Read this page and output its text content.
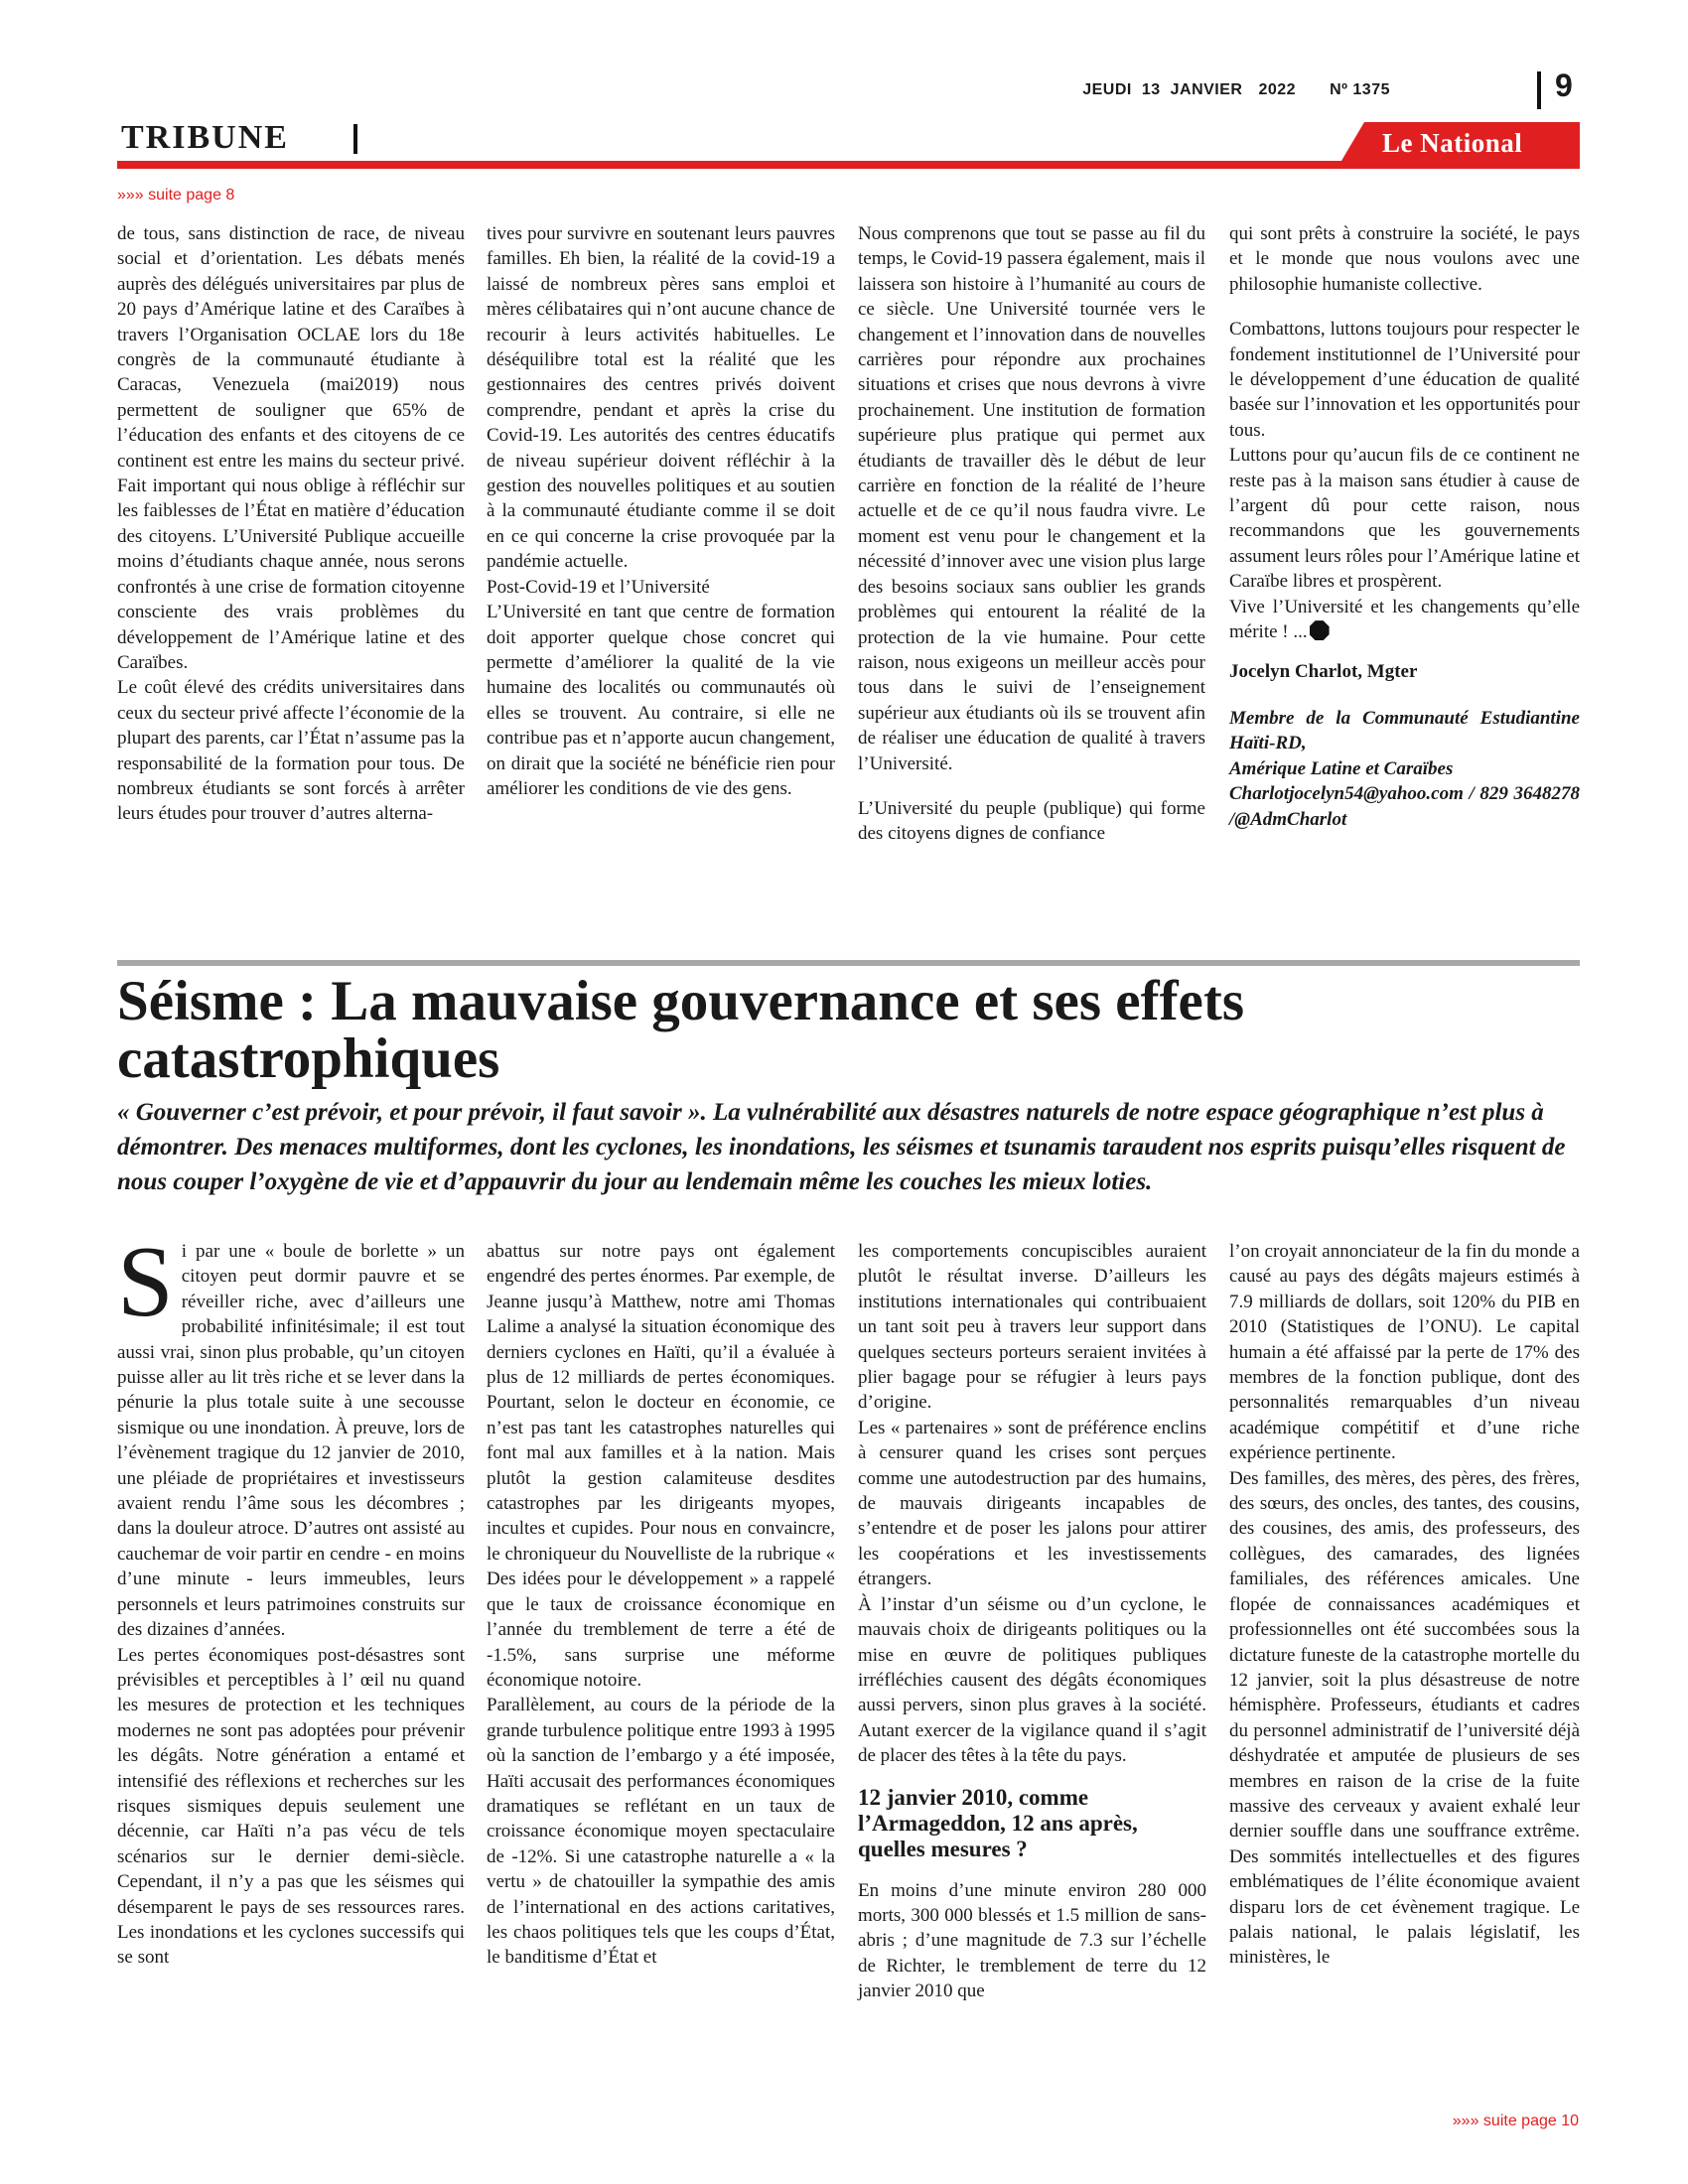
JEUDI 13 JANVIER 2022 Nº 1375	9
TRIBUNE	Le National
»»» suite page 8

de tous, sans distinction de race, de niveau social et d’orientation. Les débats menés auprès des délégués universitaires par plus de 20 pays d’Amérique latine et des Caraïbes à travers l’Organisation OCLAE lors du 18e congrès de la communauté étudiante à Caracas, Venezuela (mai2019) nous permettent de souligner que 65% de l’éducation des enfants et des citoyens de ce continent est entre les mains du secteur privé. Fait important qui nous oblige à réfléchir sur les faiblesses de l’État en matière d’éducation des citoyens. L’Université Publique accueille moins d’étudiants chaque année, nous serons confrontés à une crise de formation citoyenne consciente des vrais problèmes du développement de l’Amérique latine et des Caraïbes.

Le coût élevé des crédits universitaires dans ceux du secteur privé affecte l’économie de la plupart des parents, car l’État n’assume pas la responsabilité de la formation pour tous. De nombreux étudiants se sont forcés à arrêter leurs études pour trouver d’autres alterna-

tives pour survivre en soutenant leurs pauvres familles. Eh bien, la réalité de la covid-19 a laissé de nombreux pères sans emploi et mères célibataires qui n’ont aucune chance de recourir à leurs activités habituelles. Le déséquilibre total est la réalité que les gestionnaires des centres privés doivent comprendre, pendant et après la crise du Covid-19. Les autorités des centres éducatifs de niveau supérieur doivent réfléchir à la gestion des nouvelles politiques et au soutien à la communauté étudiante comme il se doit en ce qui concerne la crise provoquée par la pandémie actuelle.

Post-Covid-19 et l’Université

L’Université en tant que centre de formation doit apporter quelque chose concret qui permette d’améliorer la qualité de la vie humaine des localités ou communautés où elles se trouvent. Au contraire, si elle ne contribue pas et n’apporte aucun changement, on dirait que la société ne bénéficie rien pour améliorer les conditions de vie des gens.

Nous comprenons que tout se passe au fil du temps, le Covid-19 passera également, mais il laissera son histoire à l’humanité au cours de ce siècle. Une Université tournée vers le changement et l’innovation dans de nouvelles carrières pour répondre aux prochaines situations et crises que nous devrons à vivre prochainement. Une institution de formation supérieure plus pratique qui permet aux étudiants de travailler dès le début de leur carrière en fonction de la réalité de l’heure actuelle et de ce qu’il nous faudra vivre. Le moment est venu pour le changement et la nécessité d’innover avec une vision plus large des besoins sociaux sans oublier les grands problèmes qui entourent la réalité de la protection de la vie humaine. Pour cette raison, nous exigeons un meilleur accès pour tous dans le suivi de l’enseignement supérieur aux étudiants où ils se trouvent afin de réaliser une éducation de qualité à travers l’Université.

L’Université du peuple (publique) qui forme des citoyens dignes de confiance

qui sont prêts à construire la société, le pays et le monde que nous voulons avec une philosophie humaniste collective.

Combattons, luttons toujours pour respecter le fondement institutionnel de l’Université pour le développement d’une éducation de qualité basée sur l’innovation et les opportunités pour tous.

Luttons pour qu’aucun fils de ce continent ne reste pas à la maison sans étudier à cause de l’argent dû pour cette raison, nous recommandons que les gouvernements assument leurs rôles pour l’Amérique latine et Caraïbe libres et prospèrent.

Vive l’Université et les changements qu’elle mérite ! ...

Jocelyn Charlot, Mgter

Membre de la Communauté Estudiantine Haïti-RD,

Amérique Latine et Caraïbes

Charlotjocelyn54@yahoo.com / 829 3648278 /@AdmCharlot

Séisme : La mauvaise gouvernance et ses effets catastrophiques
« Gouverner c’est prévoir, et pour prévoir, il faut savoir ». La vulnérabilité aux désastres naturels de notre espace géographique n’est plus à démontrer. Des menaces multiformes, dont les cyclones, les inondations, les séismes et tsunamis taraudent nos esprits puisqu’elles risquent de nous couper l’oxygène de vie et d’appauvrir du jour au lendemain même les couches les mieux loties.

Si par une « boule de borlette » un citoyen peut dormir pauvre et se réveiller riche, avec d’ailleurs une probabilité infinitésimale; il est tout aussi vrai, sinon plus probable, qu’un citoyen puisse aller au lit très riche et se lever dans la pénurie la plus totale suite à une secousse sismique ou une inondation. À preuve, lors de l’évènement tragique du 12 janvier de 2010, une pléiade de propriétaires et investisseurs avaient rendu l’âme sous les décombres ; dans la douleur atroce. D’autres ont assisté au cauchemar de voir partir en cendre - en moins d’une minute - leurs immeubles, leurs personnels et leurs patrimoines construits sur des dizaines d’années.

Les pertes économiques post-désastres sont prévisibles et perceptibles à l’ œil nu quand les mesures de protection et les techniques modernes ne sont pas adoptées pour prévenir les dégâts. Notre génération a entamé et intensifié des réflexions et recherches sur les risques sismiques depuis seulement une décennie, car Haïti n’a pas vécu de tels scénarios sur le dernier demi-siècle. Cependant, il n’y a pas que les séismes qui désemparent le pays de ses ressources rares. Les inondations et les cyclones successifs qui se sont

abattus sur notre pays ont également engendré des pertes énormes. Par exemple, de Jeanne jusqu’à Matthew, notre ami Thomas Lalime a analysé la situation économique des derniers cyclones en Haïti, qu’il a évaluée à plus de 12 milliards de pertes économiques. Pourtant, selon le docteur en économie, ce n’est pas tant les catastrophes naturelles qui font mal aux familles et à la nation. Mais plutôt la gestion calamiteuse desdites catastrophes par les dirigeants myopes, incultes et cupides. Pour nous en convaincre, le chroniqueur du Nouvelliste de la rubrique « Des idées pour le développement » a rappelé que le taux de croissance économique en l’année du tremblement de terre a été de -1.5%, sans surprise une méforme économique notoire.

Parallèlement, au cours de la période de la grande turbulence politique entre 1993 à 1995 où la sanction de l’embargo y a été imposée, Haïti accusait des performances économiques dramatiques se reflétant en un taux de croissance économique moyen spectaculaire de -12%. Si une catastrophe naturelle a « la vertu » de chatouiller la sympathie des amis de l’international en des actions caritatives, les chaos politiques tels que les coups d’État, le banditisme d’État et

les comportements concupiscibles auraient plutôt le résultat inverse. D’ailleurs les institutions internationales qui contribuaient un tant soit peu à travers leur support dans quelques secteurs porteurs seraient invitées à plier bagage pour se réfugier à leurs pays d’origine.

Les « partenaires » sont de préférence enclins à censurer quand les crises sont perçues comme une autodestruction par des humains, de mauvais dirigeants incapables de s’entendre et de poser les jalons pour attirer les coopérations et les investissements étrangers.

À l’instar d’un séisme ou d’un cyclone, le mauvais choix de dirigeants politiques ou la mise en œuvre de politiques publiques irréfléchies causent des dégâts économiques aussi pervers, sinon plus graves à la société. Autant exercer de la vigilance quand il s’agit de placer des têtes à la tête du pays.

12 janvier 2010, comme l’Armageddon, 12 ans après, quelles mesures ?

En moins d’une minute environ 280 000 morts, 300 000 blessés et 1.5 million de sans-abris ; d’une magnitude de 7.3 sur l’échelle de Richter, le tremblement de terre du 12 janvier 2010 que

l’on croyait annonciateur de la fin du monde a causé au pays des dégâts majeurs estimés à 7.9 milliards de dollars, soit 120% du PIB en 2010 (Statistiques de l’ONU). Le capital humain a été affaissé par la perte de 17% des membres de la fonction publique, dont des personnalités remarquables d’un niveau académique compétitif et d’une riche expérience pertinente.

Des familles, des mères, des pères, des frères, des sœurs, des oncles, des tantes, des cousins, des cousines, des amis, des professeurs, des collègues, des camarades, des lignées familiales, des références amicales. Une flopée de connaissances académiques et professionnelles ont été succombées sous la dictature funeste de la catastrophe mortelle du 12 janvier, soit la plus désastreuse de notre hémisphère. Professeurs, étudiants et cadres du personnel administratif de l’université déjà déshydratée et amputée de plusieurs de ses membres en raison de la crise de la fuite massive des cerveaux y avaient exhalé leur dernier souffle dans une souffrance extrême. Des sommités intellectuelles et des figures emblématiques de l’élite économique avaient disparu lors de cet évènement tragique. Le palais national, le palais législatif, les ministères, le

»»» suite page 10
